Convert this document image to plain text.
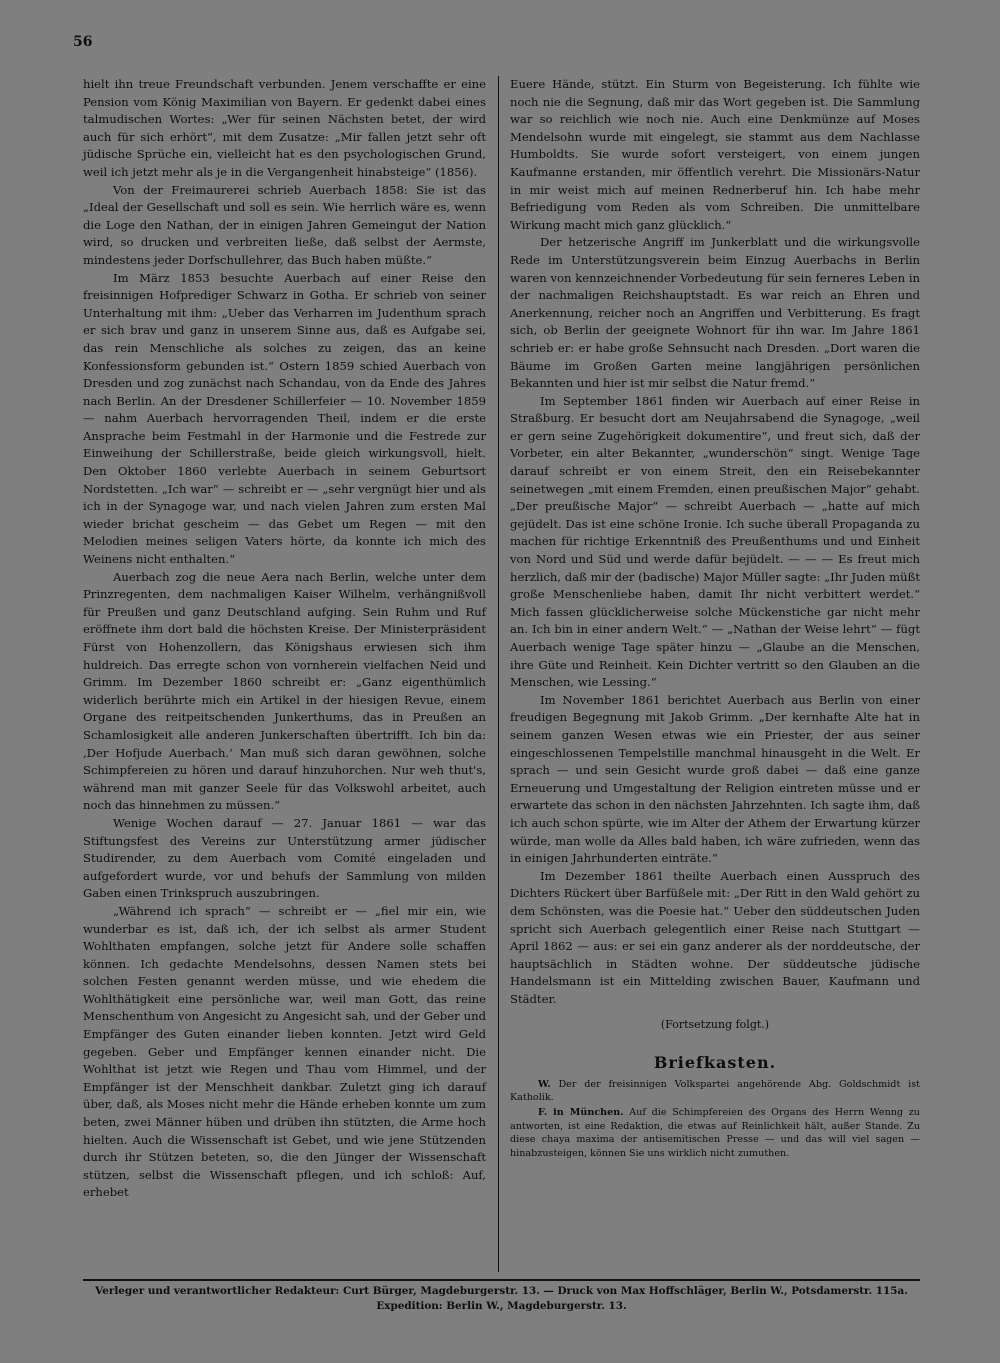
56

hielt ihn treue Freundschaft verbunden. Jenem verschaffte er eine Pension vom König Maximilian von Bayern. Er gedenkt dabei eines talmudischen Wortes: „Wer für seinen Nächsten betet, der wird auch für sich erhört“, mit dem Zusatze: „Mir fallen jetzt sehr oft jüdische Sprüche ein, vielleicht hat es den psychologischen Grund, weil ich jetzt mehr als je in die Vergangenheit hinabsteige“ (1856).

Von der Freimaurerei schrieb Auerbach 1858: Sie ist das „Ideal der Gesellschaft und soll es sein. Wie herrlich wäre es, wenn die Loge den Nathan, der in einigen Jahren Gemeingut der Nation wird, so drucken und verbreiten ließe, daß selbst der Aermste, mindestens jeder Dorfschullehrer, das Buch haben müßte.“

Im März 1853 besuchte Auerbach auf einer Reise den freisinnigen Hofprediger Schwarz in Gotha. Er schrieb von seiner Unterhaltung mit ihm: „Ueber das Verharren im Judenthum sprach er sich brav und ganz in unserem Sinne aus, daß es Aufgabe sei, das rein Menschliche als solches zu zeigen, das an keine Konfessionsform gebunden ist.“ Ostern 1859 schied Auerbach von Dresden und zog zunächst nach Schandau, von da Ende des Jahres nach Berlin. An der Dresdener Schillerfeier — 10. November 1859 — nahm Auerbach hervorragenden Theil, indem er die erste Ansprache beim Festmahl in der Harmonie und die Festrede zur Einweihung der Schillerstraße, beide gleich wirkungsvoll, hielt. Den Oktober 1860 verlebte Auerbach in seinem Geburtsort Nordstetten. „Ich war“ — schreibt er — „sehr vergnügt hier und als ich in der Synagoge war, und nach vielen Jahren zum ersten Mal wieder brichat gescheim — das Gebet um Regen — mit den Melodien meines seligen Vaters hörte, da konnte ich mich des Weinens nicht enthalten.“

Auerbach zog die neue Aera nach Berlin, welche unter dem Prinzregenten, dem nachmaligen Kaiser Wilhelm, verhängnißvoll für Preußen und ganz Deutschland aufging. Sein Ruhm und Ruf eröffnete ihm dort bald die höchsten Kreise. Der Ministerpräsident Fürst von Hohenzollern, das Königshaus erwiesen sich ihm huldreich. Das erregte schon von vornherein vielfachen Neid und Grimm. Im Dezember 1860 schreibt er: „Ganz eigenthümlich widerlich berührte mich ein Artikel in der hiesigen Revue, einem Organe des reitpeitschenden Junkerthums, das in Preußen an Schamlosigkeit alle anderen Junkerschaften übertrifft. Ich bin da: ‚Der Hofjude Auerbach.‘ Man muß sich daran gewöhnen, solche Schimpfereien zu hören und darauf hinzuhorchen. Nur weh thut's, während man mit ganzer Seele für das Volkswohl arbeitet, auch noch das hinnehmen zu müssen.“

Wenige Wochen darauf — 27. Januar 1861 — war das Stiftungsfest des Vereins zur Unterstützung armer jüdischer Studirender, zu dem Auerbach vom Comité eingeladen und aufgefordert wurde, vor und behufs der Sammlung von milden Gaben einen Trinkspruch auszubringen.

„Während ich sprach“ — schreibt er — „fiel mir ein, wie wunderbar es ist, daß ich, der ich selbst als armer Student Wohlthaten empfangen, solche jetzt für Andere solle schaffen können. Ich gedachte Mendelsohns, dessen Namen stets bei solchen Festen genannt werden müsse, und wie ehedem die Wohlthätigkeit eine persönliche war, weil man Gott, das reine Menschenthum von Angesicht zu Angesicht sah, und der Geber und Empfänger des Guten einander lieben konnten. Jetzt wird Geld gegeben. Geber und Empfänger kennen einander nicht. Die Wohlthat ist jetzt wie Regen und Thau vom Himmel, und der Empfänger ist der Menschheit dankbar. Zuletzt ging ich darauf über, daß, als Moses nicht mehr die Hände erheben konnte um zum beten, zwei Männer hüben und drüben ihn stützten, die Arme hoch hielten. Auch die Wissenschaft ist Gebet, und wie jene Stützenden durch ihr Stützen beteten, so, die den Jünger der Wissenschaft stützen, selbst die Wissenschaft pflegen, und ich schloß: Auf, erhebet

Euere Hände, stützt. Ein Sturm von Begeisterung. Ich fühlte wie noch nie die Segnung, daß mir das Wort gegeben ist. Die Sammlung war so reichlich wie noch nie. Auch eine Denkmünze auf Moses Mendelsohn wurde mit eingelegt, sie stammt aus dem Nachlasse Humboldts. Sie wurde sofort versteigert, von einem jungen Kaufmanne erstanden, mir öffentlich verehrt. Die Missionärs-Natur in mir weist mich auf meinen Rednerberuf hin. Ich habe mehr Befriedigung vom Reden als vom Schreiben. Die unmittelbare Wirkung macht mich ganz glücklich.“

Der hetzerische Angriff im Junkerblatt und die wirkungsvolle Rede im Unterstützungsverein beim Einzug Auerbachs in Berlin waren von kennzeichnender Vorbedeutung für sein ferneres Leben in der nachmaligen Reichshauptstadt. Es war reich an Ehren und Anerkennung, reicher noch an Angriffen und Verbitterung. Es fragt sich, ob Berlin der geeignete Wohnort für ihn war. Im Jahre 1861 schrieb er: er habe große Sehnsucht nach Dresden. „Dort waren die Bäume im Großen Garten meine langjährigen persönlichen Bekannten und hier ist mir selbst die Natur fremd.“

Im September 1861 finden wir Auerbach auf einer Reise in Straßburg. Er besucht dort am Neujahrsabend die Synagoge, „weil er gern seine Zugehörigkeit dokumentire“, und freut sich, daß der Vorbeter, ein alter Bekannter, „wunderschön“ singt. Wenige Tage darauf schreibt er von einem Streit, den ein Reisebekannter seinetwegen „mit einem Fremden, einen preußischen Major“ gehabt. „Der preußische Major“ — schreibt Auerbach — „hatte auf mich gejüdelt. Das ist eine schöne Ironie. Ich suche überall Propaganda zu machen für richtige Erkenntniß des Preußenthums und und Einheit von Nord und Süd und werde dafür bejüdelt. — — — Es freut mich herzlich, daß mir der (badische) Major Müller sagte: „Ihr Juden müßt große Menschenliebe haben, damit Ihr nicht verbittert werdet.“ Mich fassen glücklicherweise solche Mückenstiche gar nicht mehr an. Ich bin in einer andern Welt.“ — „Nathan der Weise lehrt“ — fügt Auerbach wenige Tage später hinzu — „Glaube an die Menschen, ihre Güte und Reinheit. Kein Dichter vertritt so den Glauben an die Menschen, wie Lessing.“

Im November 1861 berichtet Auerbach aus Berlin von einer freudigen Begegnung mit Jakob Grimm. „Der kernhafte Alte hat in seinem ganzen Wesen etwas wie ein Priester, der aus seiner eingeschlossenen Tempelstille manchmal hinausgeht in die Welt. Er sprach — und sein Gesicht wurde groß dabei — daß eine ganze Erneuerung und Umgestaltung der Religion eintreten müsse und er erwartete das schon in den nächsten Jahrzehnten. Ich sagte ihm, daß ich auch schon spürte, wie im Alter der Athem der Erwartung kürzer würde, man wolle da Alles bald haben, ich wäre zufrieden, wenn das in einigen Jahrhunderten einträte.“

Im Dezember 1861 theilte Auerbach einen Ausspruch des Dichters Rückert über Barfüßele mit: „Der Ritt in den Wald gehört zu dem Schönsten, was die Poesie hat.“ Ueber den süddeutschen Juden spricht sich Auerbach gelegentlich einer Reise nach Stuttgart — April 1862 — aus: er sei ein ganz anderer als der norddeutsche, der hauptsächlich in Städten wohne. Der süddeutsche jüdische Handelsmann ist ein Mittelding zwischen Bauer, Kaufmann und Städter.

(Fortsetzung folgt.)
Briefkasten.

W. Der der freisinnigen Volkspartei angehörende Abg. Goldschmidt ist Katholik.

F. in München. Auf die Schimpfereien des Organs des Herrn Wenng zu antworten, ist eine Redaktion, die etwas auf Reinlichkeit hält, außer Stande. Zu diese chaya maxima der antisemitischen Presse — und das will viel sagen — hinabzusteigen, können Sie uns wirklich nicht zumuthen.

Verleger und verantwortlicher Redakteur: Curt Bürger, Magdeburgerstr. 13. — Druck von Max Hoffschläger, Berlin W., Potsdamerstr. 115a.
Expedition: Berlin W., Magdeburgerstr. 13.
